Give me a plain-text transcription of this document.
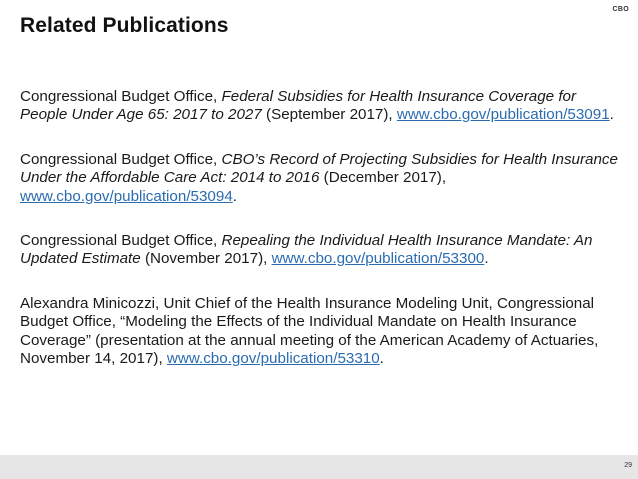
Related Publications
CBO

Congressional Budget Office, Federal Subsidies for Health Insurance Coverage for People Under Age 65: 2017 to 2027 (September 2017), www.cbo.gov/publication/53091.

Congressional Budget Office, CBO’s Record of Projecting Subsidies for Health Insurance Under the Affordable Care Act: 2014 to 2016 (December 2017), www.cbo.gov/publication/53094.

Congressional Budget Office, Repealing the Individual Health Insurance Mandate: An Updated Estimate (November 2017), www.cbo.gov/publication/53300.

Alexandra Minicozzi, Unit Chief of the Health Insurance Modeling Unit, Congressional Budget Office, “Modeling the Effects of the Individual Mandate on Health Insurance Coverage” (presentation at the annual meeting of the American Academy of Actuaries, November 14, 2017), www.cbo.gov/publication/53310.

29
